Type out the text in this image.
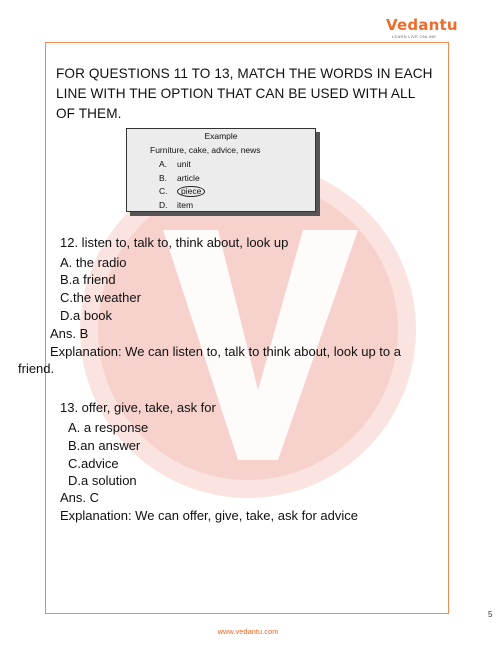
Vedantu
LEARN LIVE ONLINE
FOR QUESTIONS 11 TO 13, MATCH THE WORDS IN EACH LINE WITH THE OPTION THAT CAN BE USED WITH ALL OF THEM.
Example
Furniture, cake, advice, news
A. unit
B. article
C. piece
D. item
12. listen to, talk to, think about, look up
A. the radio
B.a friend
C.the weather
D.a book
Ans. B
Explanation: We can listen to, talk to think about, look up to a
friend.
13. offer, give, take, ask for
A. a response
B.an answer
C.advice
D.a solution
Ans. C
Explanation: We can offer, give, take, ask for advice
5
www.vedantu.com
